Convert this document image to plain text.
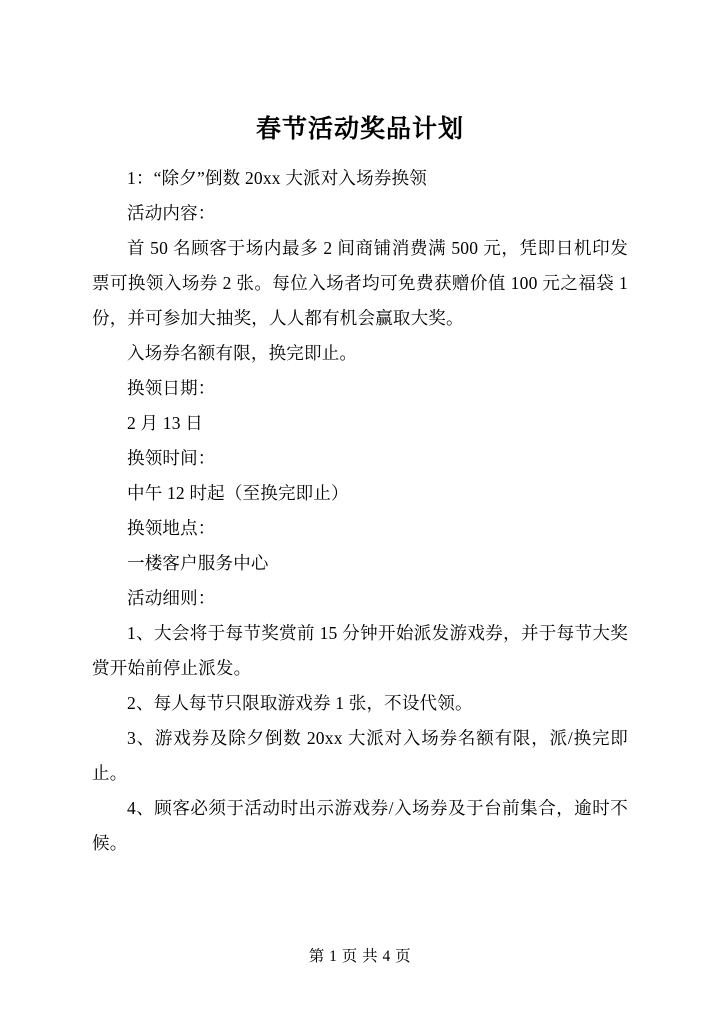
春节活动奖品计划

1：“除夕”倒数 20xx 大派对入场券换领

活动内容：

首 50 名顾客于场内最多 2 间商铺消费满 500 元，凭即日机印发票可换领入场券 2 张。每位入场者均可免费获赠价值 100 元之福袋 1 份，并可参加大抽奖，人人都有机会赢取大奖。

入场券名额有限，换完即止。

换领日期：

2 月 13 日

换领时间：

中午 12 时起（至换完即止）

换领地点：

一楼客户服务中心

活动细则：

1、大会将于每节奖赏前 15 分钟开始派发游戏券，并于每节大奖赏开始前停止派发。

2、每人每节只限取游戏券 1 张，不设代领。

3、游戏券及除夕倒数 20xx 大派对入场券名额有限，派/换完即止。

4、顾客必须于活动时出示游戏券/入场券及于台前集合，逾时不候。

第 1 页 共 4 页
